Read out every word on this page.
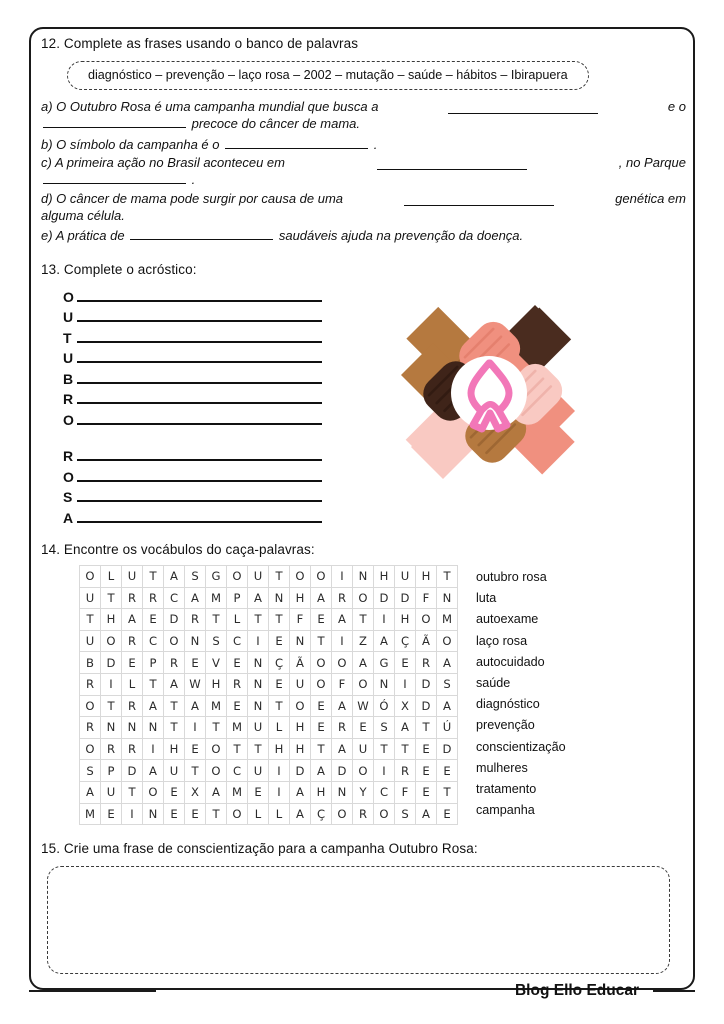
12. Complete as frases usando o banco de palavras
diagnóstico – prevenção – laço rosa – 2002 – mutação – saúde – hábitos – Ibirapuera
a) O Outubro Rosa é uma campanha mundial que busca a	e o
precoce do câncer de mama.
b) O símbolo da campanha é o	.
c) A primeira ação no Brasil aconteceu em	, no Parque
.
d) O câncer de mama pode surgir por causa de uma	genética em
alguma célula.
e) A prática de	saudáveis ajuda na prevenção da doença.
13. Complete o acróstico:
O
U
T
U
B
R
O
R
O
S
A
14. Encontre os vocábulos do caça-palavras:
O	L	U	T	A	S	G	O	U	T	O	O	I	N	H	U	H	T
U	T	R	R	C	A	M	P	A	N	H	A	R	O	D	D	F	N
T	H	A	E	D	R	T	L	T	T	F	E	A	T	I	H	O	M
U	O	R	C	O	N	S	C	I	E	N	T	I	Z	A	Ç	Ã	O
B	D	E	P	R	E	V	E	N	Ç	Ã	O	O	A	G	E	R	A
R	I	L	T	A	W	H	R	N	E	U	O	F	O	N	I	D	S
O	T	R	A	T	A	M	E	N	T	O	E	A	W	Ó	X	D	A
R	N	N	N	T	I	T	M	U	L	H	E	R	E	S	A	T	Ú
O	R	R	I	H	E	O	T	T	H	H	T	A	U	T	T	E	D
S	P	D	A	U	T	O	C	U	I	D	A	D	O	I	R	E	E
A	U	T	O	E	X	A	M	E	I	A	H	N	Y	C	F	E	T
M	E	I	N	E	E	T	O	L	L	A	Ç	O	R	O	S	A	E
outubro rosa
luta
autoexame
laço rosa
autocuidado
saúde
diagnóstico
prevenção
conscientização
mulheres
tratamento
campanha
15. Crie uma frase de conscientização para a campanha Outubro Rosa:
Blog Ello Educar
